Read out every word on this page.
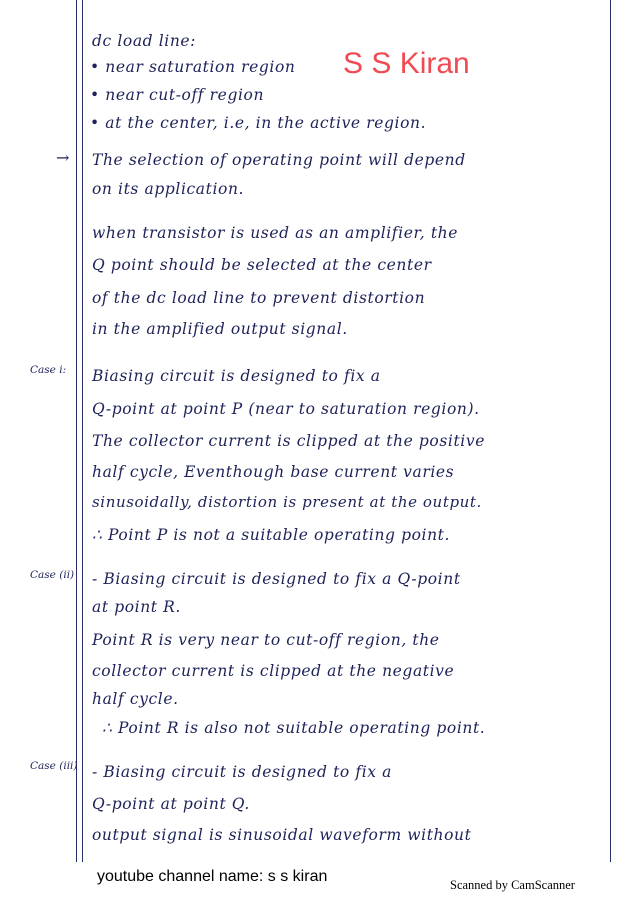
S S Kiran
→
dc load line:
• near saturation region
• near cut-off region
• at the center, i.e, in the active region.
The selection of operating point will depend
on its application.
when transistor is used as an amplifier, the
Q point should be selected at the center
of the dc load line to prevent distortion
in the amplified output signal.
Case i: Biasing circuit is designed to fix a
Q-point at point P (near to saturation region).
The collector current is clipped at the positive
half cycle, Eventhough base current varies
sinusoidally, distortion is present at the output.
∴ Point P is not a suitable operating point.
Case (ii) - Biasing circuit is designed to fix a Q-point
at point R.
Point R is very near to cut-off region, the
collector current is clipped at the negative
half cycle.
∴ Point R is also not suitable operating point.
Case (iii) - Biasing circuit is designed to fix a
Q-point at point Q.
output signal is sinusoidal waveform without
youtube channel name: s s kiran	Scanned by CamScanner
